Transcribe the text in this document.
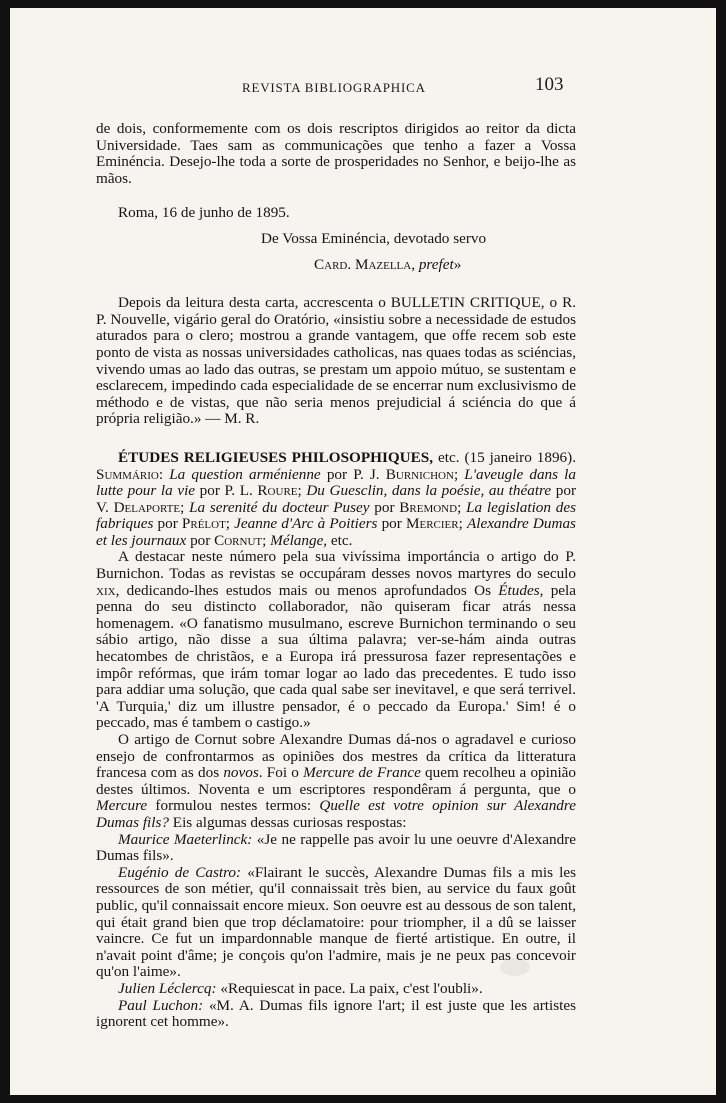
REVISTA BIBLIOGRAPHICA	103

de dois, conformemente com os dois rescriptos dirigidos ao reitor da dicta Universidade. Taes sam as communicações que tenho a fazer a Vossa Eminéncia. Desejo-lhe toda a sorte de prosperidades no Senhor, e beijo-lhe as mãos.

Roma, 16 de junho de 1895.

De Vossa Eminéncia, devotado servo

Card. Mazella, prefet»

Depois da leitura desta carta, accrescenta o BULLETIN CRITIQUE, o R. P. Nouvelle, vigário geral do Oratório, «insistiu sobre a necessidade de estudos aturados para o clero; mostrou a grande vantagem, que offe recem sob este ponto de vista as nossas universidades catholicas, nas quaes todas as sciéncias, vivendo umas ao lado das outras, se prestam um appoio mútuo, se sustentam e esclarecem, impedindo cada especialidade de se encerrar num exclusivismo de méthodo e de vistas, que não seria menos prejudicial á sciéncia do que á própria religião.» — M. R.

ÉTUDES RELIGIEUSES PHILOSOPHIQUES, etc. (15 janeiro 1896). Summário: La question arménienne por P. J. Burnichon; L'aveugle dans la lutte pour la vie por P. L. Roure; Du Guesclin, dans la poésie, au théatre por V. Delaporte; La serenité du docteur Pusey por Bremond; La legislation des fabriques por Prélot; Jeanne d'Arc à Poitiers por Mercier; Alexandre Dumas et les journaux por Cornut; Mélange, etc.

A destacar neste número pela sua vivíssima importáncia o artigo do P. Burnichon. Todas as revistas se occupáram desses novos martyres do seculo xix, dedicando-lhes estudos mais ou menos aprofundados Os Études, pela penna do seu distincto collaborador, não quiseram ficar atrás nessa homenagem. «O fanatismo musulmano, escreve Burnichon terminando o seu sábio artigo, não disse a sua última palavra; ver-se-hám ainda outras hecatombes de christãos, e a Europa irá pressurosa fazer representações e impôr refórmas, que irám tomar logar ao lado das precedentes. E tudo isso para addiar uma solução, que cada qual sabe ser inevitavel, e que será terrivel. 'A Turquia,' diz um illustre pensador, é o peccado da Europa.' Sim! é o peccado, mas é tambem o castigo.»

O artigo de Cornut sobre Alexandre Dumas dá-nos o agradavel e curioso ensejo de confrontarmos as opiniões dos mestres da crítica da litteratura francesa com as dos novos. Foi o Mercure de France quem recolheu a opinião destes últimos. Noventa e um escriptores respondêram á pergunta, que o Mercure formulou nestes termos: Quelle est votre opinion sur Alexandre Dumas fils? Eis algumas dessas curiosas respostas:

Maurice Maeterlinck: «Je ne rappelle pas avoir lu une oeuvre d'Alexandre Dumas fils».

Eugénio de Castro: «Flairant le succès, Alexandre Dumas fils a mis les ressources de son métier, qu'il connaissait très bien, au service du faux goût public, qu'il connaissait encore mieux. Son oeuvre est au dessous de son talent, qui était grand bien que trop déclamatoire: pour triompher, il a dû se laisser vaincre. Ce fut un impardonnable manque de fierté artistique. En outre, il n'avait point d'âme; je conçois qu'on l'admire, mais je ne peux pas concevoir qu'on l'aime».

Julien Léclercq: «Requiescat in pace. La paix, c'est l'oubli».

Paul Luchon: «M. A. Dumas fils ignore l'art; il est juste que les artistes ignorent cet homme».
